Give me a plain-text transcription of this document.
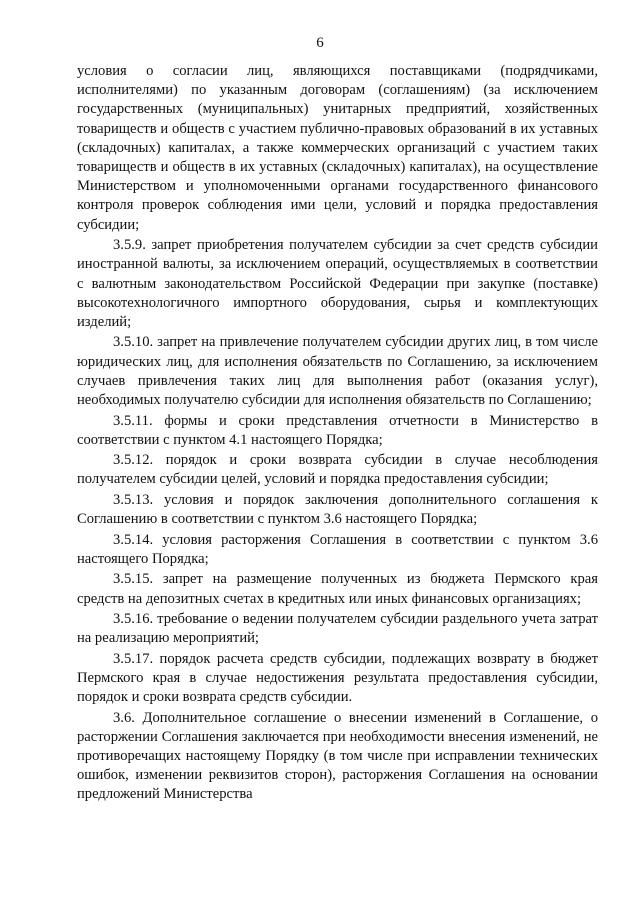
6

условия о согласии лиц, являющихся поставщиками (подрядчиками, исполнителями) по указанным договорам (соглашениям) (за исключением государственных (муниципальных) унитарных предприятий, хозяйственных товариществ и обществ с участием публично-правовых образований в их уставных (складочных) капиталах, а также коммерческих организаций с участием таких товариществ и обществ в их уставных (складочных) капиталах), на осуществление Министерством и уполномоченными органами государственного финансового контроля проверок соблюдения ими цели, условий и порядка предоставления субсидии;

3.5.9. запрет приобретения получателем субсидии за счет средств субсидии иностранной валюты, за исключением операций, осуществляемых в соответствии с валютным законодательством Российской Федерации при закупке (поставке) высокотехнологичного импортного оборудования, сырья и комплектующих изделий;

3.5.10. запрет на привлечение получателем субсидии других лиц, в том числе юридических лиц, для исполнения обязательств по Соглашению, за исключением случаев привлечения таких лиц для выполнения работ (оказания услуг), необходимых получателю субсидии для исполнения обязательств по Соглашению;

3.5.11. формы и сроки представления отчетности в Министерство в соответствии с пунктом 4.1 настоящего Порядка;

3.5.12. порядок и сроки возврата субсидии в случае несоблюдения получателем субсидии целей, условий и порядка предоставления субсидии;

3.5.13. условия и порядок заключения дополнительного соглашения к Соглашению в соответствии с пунктом 3.6 настоящего Порядка;

3.5.14. условия расторжения Соглашения в соответствии с пунктом 3.6 настоящего Порядка;

3.5.15. запрет на размещение полученных из бюджета Пермского края средств на депозитных счетах в кредитных или иных финансовых организациях;

3.5.16. требование о ведении получателем субсидии раздельного учета затрат на реализацию мероприятий;

3.5.17. порядок расчета средств субсидии, подлежащих возврату в бюджет Пермского края в случае недостижения результата предоставления субсидии, порядок и сроки возврата средств субсидии.

3.6. Дополнительное соглашение о внесении изменений в Соглашение, о расторжении Соглашения заключается при необходимости внесения изменений, не противоречащих настоящему Порядку (в том числе при исправлении технических ошибок, изменении реквизитов сторон), расторжения Соглашения на основании предложений Министерства
